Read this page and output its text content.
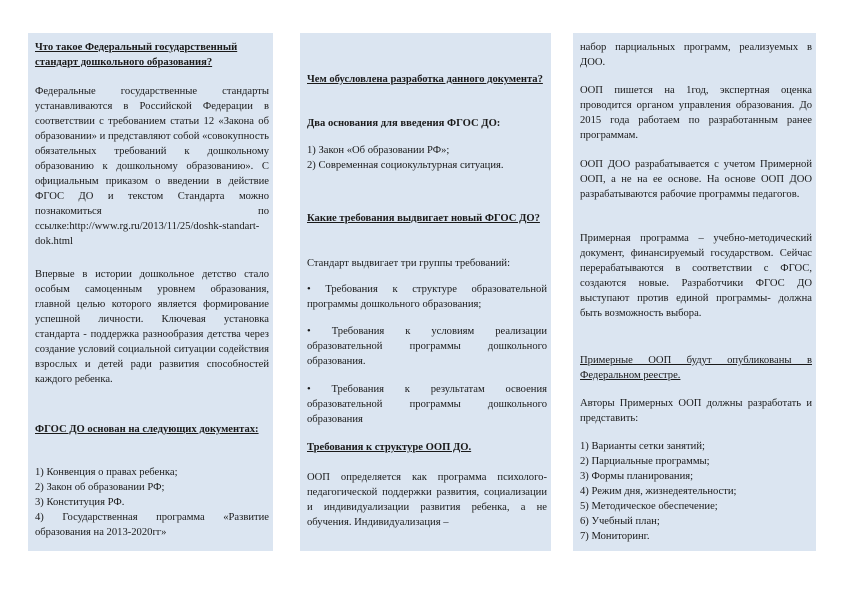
Что такое Федеральный государственный стандарт дошкольного образования?

Федеральные государственные стандарты устанавливаются в Российской Федерации в соответствии с требованием статьи 12 «Закона об образовании» и представляют собой «совокупность обязательных требований к дошкольному образованию к дошкольному образованию». С официальным приказом о введении в действие ФГОС ДО и текстом Стандарта можно познакомиться по ссылке:http://www.rg.ru/2013/11/25/doshk-standart-dok.html

Впервые в истории дошкольное детство стало особым самоценным уровнем образования, главной целью которого является формирование успешной личности. Ключевая установка стандарта - поддержка разнообразия детства через создание условий социальной ситуации содействия взрослых и детей ради развития способностей каждого ребенка.

ФГОС ДО основан на следующих документах:

1) Конвенция о правах ребенка;

2) Закон об образовании РФ;

3) Конституция РФ.

4) Государственная программа «Развитие образования на 2013-2020гг»

Чем обусловлена разработка данного документа?

Два основания для введения ФГОС ДО:

1) Закон «Об образовании РФ»;

2) Современная социокультурная ситуация.

Какие требования выдвигает новый ФГОС ДО?

Стандарт выдвигает три группы требований:

• Требования к структуре образовательной программы дошкольного образования;

• Требования к условиям реализации образовательной программы дошкольного образования.

• Требования к результатам освоения образовательной программы дошкольного образования

Требования к структуре ООП ДО.

ООП определяется как программа психолого-педагогической поддержки развития, социализации и индивидуализации развития ребенка, а не обучения. Индивидуализация –

набор парциальных программ, реализуемых в ДОО.

ООП пишется на 1год, экспертная оценка проводится органом управления образования. До 2015 года работаем по разработанным ранее программам.

ООП ДОО разрабатывается с учетом Примерной ООП, а не на ее основе. На основе ООП ДОО разрабатываются рабочие программы педагогов.

Примерная программа – учебно-методический документ, финансируемый государством. Сейчас перерабатываются в соответствии с ФГОС, создаются новые. Разработчики ФГОС ДО выступают против единой программы- должна быть возможность выбора.

Примерные ООП будут опубликованы в Федеральном реестре.

Авторы Примерных ООП должны разработать и представить:

1) Варианты сетки занятий;

2) Парциальные программы;

3) Формы планирования;

4) Режим дня, жизнедеятельности;

5) Методическое обеспечение;

6) Учебный план;

7) Мониторинг.
